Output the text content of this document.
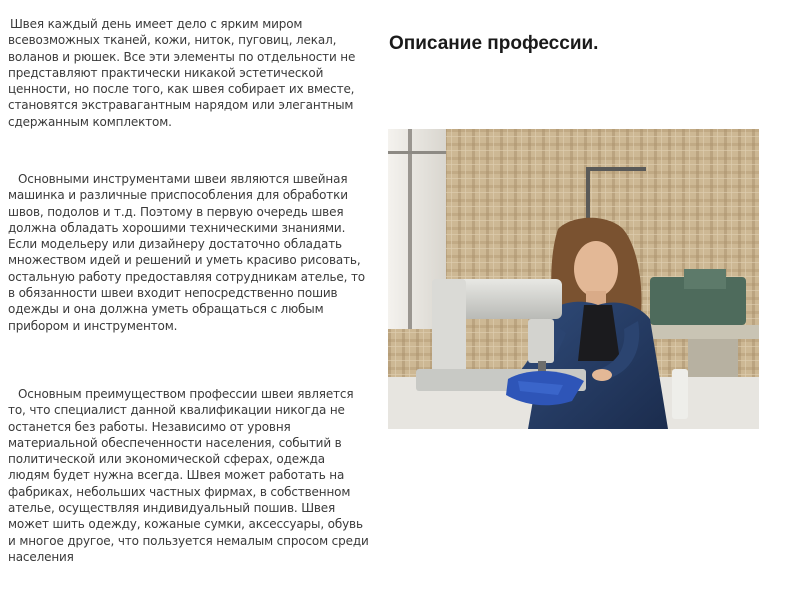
Швея каждый день имеет дело с ярким миром всевозможных тканей, кожи, ниток, пуговиц, лекал, воланов и рюшек. Все эти элементы по отдельности не представляют практически никакой эстетической ценности, но после того, как швея собирает их вместе, становятся экстравагантным нарядом или элегантным сдержанным комплектом.

Основными инструментами швеи являются швейная машинка и различные приспособления для обработки швов, подолов и т.д. Поэтому в первую очередь швея должна обладать хорошими техническими знаниями. Если модельеру или дизайнеру достаточно обладать множеством идей и решений и уметь красиво рисовать, остальную работу предоставляя сотрудникам ателье, то в обязанности швеи входит непосредственно пошив одежды и она должна уметь обращаться с любым прибором и инструментом.

Основным преимуществом профессии швеи является то, что специалист данной квалификации никогда не останется без работы. Независимо от уровня материальной обеспеченности населения, событий в политической или экономической сферах, одежда людям будет нужна всегда. Швея может работать на фабриках, небольших частных фирмах, в собственном ателье, осуществляя индивидуальный пошив. Швея может шить одежду, кожаные сумки, аксессуары, обувь и многое другое, что пользуется немалым спросом среди населения

Описание профессии.
